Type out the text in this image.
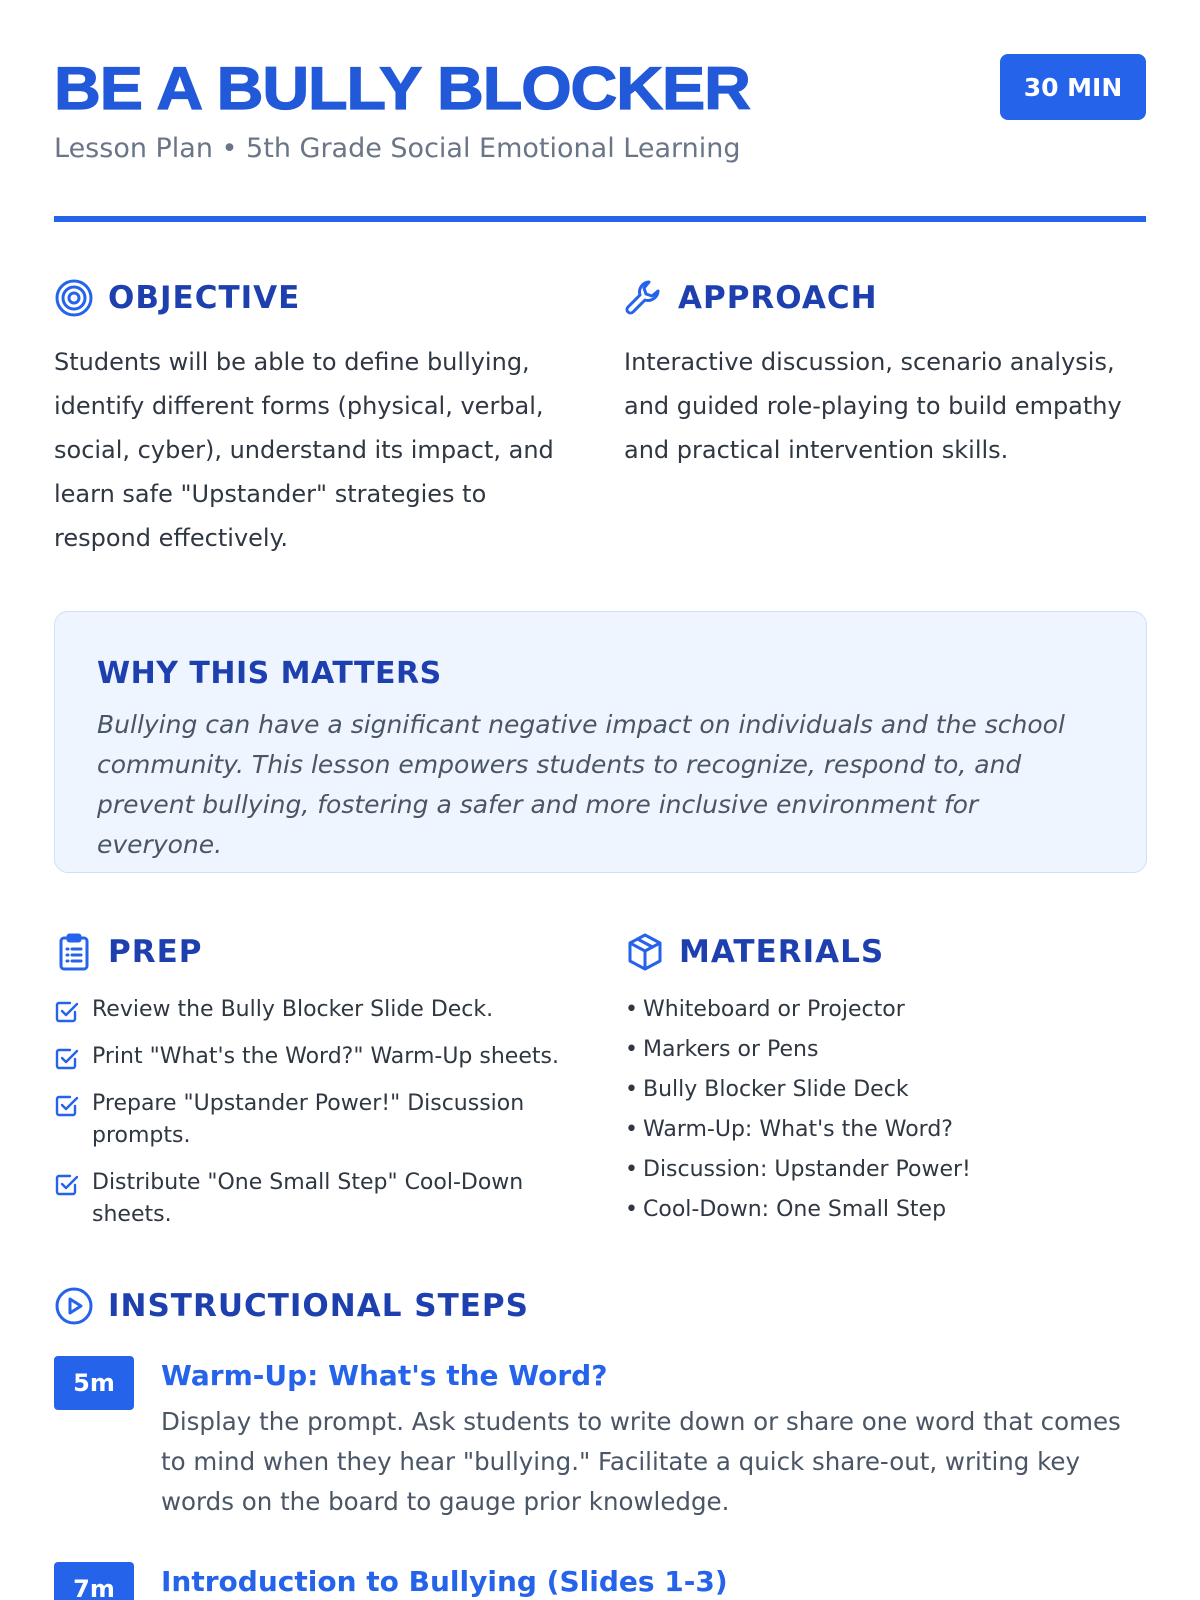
BE A BULLY BLOCKER
Lesson Plan • 5th Grade Social Emotional Learning
30 MIN
OBJECTIVE

Students will be able to define bullying, identify different forms (physical, verbal, social, cyber), understand its impact, and learn safe "Upstander" strategies to respond effectively.

APPROACH

Interactive discussion, scenario analysis, and guided role-playing to build empathy and practical intervention skills.

WHY THIS MATTERS

Bullying can have a significant negative impact on individuals and the school community. This lesson empowers students to recognize, respond to, and prevent bullying, fostering a safer and more inclusive environment for everyone.

PREP
Review the Bully Blocker Slide Deck.
Print "What's the Word?" Warm-Up sheets.
Prepare "Upstander Power!" Discussion prompts.
Distribute "One Small Step" Cool-Down sheets.
MATERIALS
• Whiteboard or Projector
• Markers or Pens
• Bully Blocker Slide Deck
• Warm-Up: What's the Word?
• Discussion: Upstander Power!
• Cool-Down: One Small Step
INSTRUCTIONAL STEPS
5m	Warm-Up: What's the Word?

Display the prompt. Ask students to write down or share one word that comes to mind when they hear "bullying." Facilitate a quick share-out, writing key words on the board to gauge prior knowledge.

7m	Introduction to Bullying (Slides 1-3)
